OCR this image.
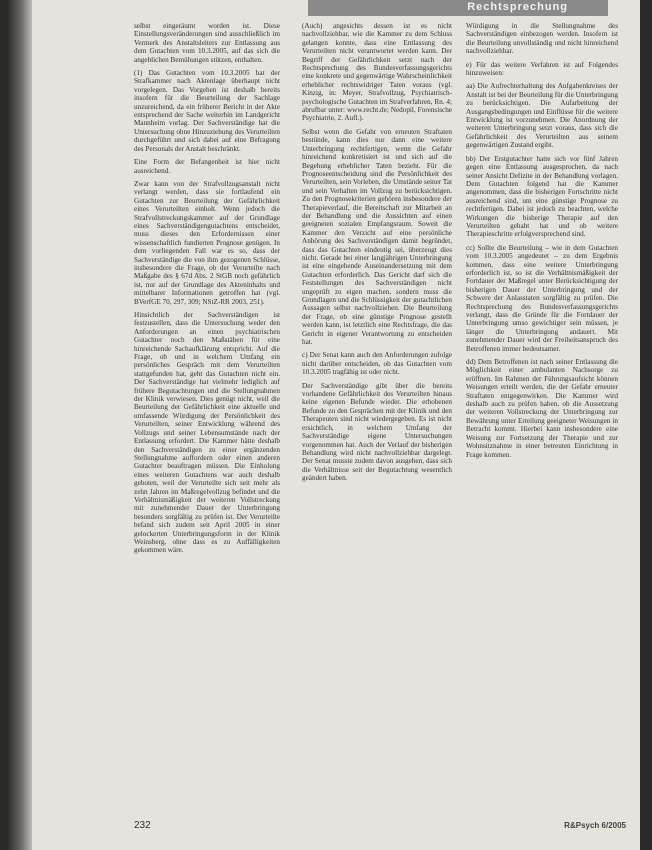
Rechtsprechung

selbst eingeräumt worden ist. Diese Einstellungsveränderungen sind ausschließlich im Vermerk des Anstaltsleiters zur Entlassung aus dem Gutachten vom 10.3.2005, auf das sich die angeblichen Bemühungen stützen, enthalten.

(1) Das Gutachten vom 10.3.2005 hat der Strafkammer nach Aktenlage überhaupt nicht vorgelegen. Das Vorgehen ist deshalb bereits insofern für die Beurteilung der Sachlage unzureichend, da ein früherer Bericht in der Akte entsprechend der Sache weiterhin im Landgericht Mannheim vorlag. Der Sachverständige hat die Untersuchung ohne Hinzuziehung des Verurteilten durchgeführt und sich dabei auf eine Befragung des Personals der Anstalt beschränkt.

Eine Form der Befangenheit ist hier nicht ausreichend.

Zwar kann von der Strafvollzugsanstalt nicht verlangt werden, dass sie fortlaufend ein Gutachten zur Beurteilung der Gefährlichkeit eines Verurteilten einholt. Wenn jedoch die Strafvollstreckungskammer auf der Grundlage eines Sachverständigengutachtens entscheidet, muss dieses den Erfordernissen einer wissenschaftlich fundierten Prognose genügen. In dem vorliegenden Fall war es so, dass der Sachverständige die von ihm gezogenen Schlüsse, insbesondere die Frage, ob der Verurteilte nach Maßgabe des § 67d Abs. 2 StGB noch gefährlich ist, nur auf der Grundlage des Akteninhalts und mittelbarer Informationen getroffen hat (vgl. BVerfGE 70, 297, 309; NStZ-RR 2003, 251).

Hinsichtlich der Sachverständigen ist festzustellen, dass die Untersuchung weder den Anforderungen an einen psychiatrischen Gutachter noch den Maßstäben für eine hinreichende Sachaufklärung entspricht. Auf die Frage, ob und in welchem Umfang ein persönliches Gespräch mit dem Verurteilten stattgefunden hat, geht das Gutachten nicht ein. Der Sachverständige hat vielmehr lediglich auf frühere Begutachtungen und die Stellungnahmen der Klinik verwiesen. Dies genügt nicht, weil die Beurteilung der Gefährlichkeit eine aktuelle und umfassende Würdigung der Persönlichkeit des Verurteilten, seiner Entwicklung während des Vollzugs und seiner Lebensumstände nach der Entlassung erfordert. Die Kammer hätte deshalb den Sachverständigen zu einer ergänzenden Stellungnahme auffordern oder einen anderen Gutachter beauftragen müssen. Die Einholung eines weiteren Gutachtens war auch deshalb geboten, weil der Verurteilte sich seit mehr als zehn Jahren im Maßregelvollzug befindet und die Verhältnismäßigkeit der weiteren Vollstreckung mit zunehmender Dauer der Unterbringung besonders sorgfältig zu prüfen ist. Der Verurteilte befand sich zudem seit April 2005 in einer gelockerten Unterbringungsform in der Klinik Weinsberg, ohne dass es zu Auffälligkeiten gekommen wäre.

(Auch) angesichts dessen ist es nicht nachvollziehbar, wie die Kammer zu dem Schluss gelangen konnte, dass eine Entlassung des Verurteilten nicht verantwortet werden kann. Der Begriff der Gefährlichkeit setzt nach der Rechtsprechung des Bundesverfassungsgerichts eine konkrete und gegenwärtige Wahrscheinlichkeit erheblicher rechtswidriger Taten voraus (vgl. Kinzig, in: Meyer, Strafvollzug, Psychiatrisch-psychologische Gutachten im Strafverfahren, Rn. 4; abrufbar unter: www.recht.de; Nedopil, Forensische Psychiatrie, 2. Aufl.).

Selbst wenn die Gefahr von erneuten Straftaten bestünde, kann dies nur dann eine weitere Unterbringung rechtfertigen, wenn die Gefahr hinreichend konkretisiert ist und sich auf die Begehung erheblicher Taten bezieht. Für die Prognoseentscheidung sind die Persönlichkeit des Verurteilten, sein Vorleben, die Umstände seiner Tat und sein Verhalten im Vollzug zu berücksichtigen. Zu den Prognosekriterien gehören insbesondere der Therapieverlauf, die Bereitschaft zur Mitarbeit an der Behandlung und die Aussichten auf einen geeigneten sozialen Empfangsraum. Soweit die Kammer den Verzicht auf eine persönliche Anhörung des Sachverständigen damit begründet, dass das Gutachten eindeutig sei, überzeugt dies nicht. Gerade bei einer langjährigen Unterbringung ist eine eingehende Auseinandersetzung mit dem Gutachten erforderlich. Das Gericht darf sich die Feststellungen des Sachverständigen nicht ungeprüft zu eigen machen, sondern muss die Grundlagen und die Schlüssigkeit der gutachtlichen Aussagen selbst nachvollziehen. Die Beurteilung der Frage, ob eine günstige Prognose gestellt werden kann, ist letztlich eine Rechtsfrage, die das Gericht in eigener Verantwortung zu entscheiden hat.

c) Der Senat kann auch den Anforderungen zufolge nicht darüber entscheiden, ob das Gutachten vom 10.3.2005 tragfähig ist oder nicht.

Der Sachverständige gibt über die bereits vorhandene Gefährlichkeit des Verurteilten hinaus keine eigenen Befunde wieder. Die erhobenen Befunde zu den Gesprächen mit der Klinik und den Therapeuten sind nicht wiedergegeben. Es ist nicht ersichtlich, in welchem Umfang der Sachverständige eigene Untersuchungen vorgenommen hat. Auch der Verlauf der bisherigen Behandlung wird nicht nachvollziehbar dargelegt. Der Senat musste zudem davon ausgehen, dass sich die Verhältnisse seit der Begutachtung wesentlich geändert haben.

Würdigung in die Stellungnahme des Sachverständigen einbezogen werden. Insofern ist die Beurteilung unvollständig und nicht hinreichend nachvollziehbar.

e) Für das weitere Verfahren ist auf Folgendes hinzuweisen:

aa) Die Aufrechterhaltung des Aufgabenkreises der Anstalt ist bei der Beurteilung für die Unterbringung zu berücksichtigen. Die Aufarbeitung der Ausgangsbedingungen und Einflüsse für die weitere Entwicklung ist vorzunehmen. Die Anordnung der weiteren Unterbringung setzt voraus, dass sich die Gefährlichkeit des Verurteilten aus seinem gegenwärtigen Zustand ergibt.

bb) Der Erstgutachter hatte sich vor fünf Jahren gegen eine Entlassung ausgesprochen, da nach seiner Ansicht Defizite in der Behandlung vorlagen. Dem Gutachten folgend hat die Kammer angenommen, dass die bisherigen Fortschritte nicht ausreichend sind, um eine günstige Prognose zu rechtfertigen. Dabei ist jedoch zu beachten, welche Wirkungen die bisherige Therapie auf den Verurteilten gehabt hat und ob weitere Therapieschritte erfolgversprechend sind.

cc) Sollte die Beurteilung – wie in dem Gutachten vom 10.3.2005 angedeutet – zu dem Ergebnis kommen, dass eine weitere Unterbringung erforderlich ist, so ist die Verhältnismäßigkeit der Fortdauer der Maßregel unter Berücksichtigung der bisherigen Dauer der Unterbringung und der Schwere der Anlasstaten sorgfältig zu prüfen. Die Rechtsprechung des Bundesverfassungsgerichts verlangt, dass die Gründe für die Fortdauer der Unterbringung umso gewichtiger sein müssen, je länger die Unterbringung andauert. Mit zunehmender Dauer wird der Freiheitsanspruch des Betroffenen immer bedeutsamer.

dd) Dem Betroffenen ist nach seiner Entlassung die Möglichkeit einer ambulanten Nachsorge zu eröffnen. Im Rahmen der Führungsaufsicht können Weisungen erteilt werden, die der Gefahr erneuter Straftaten entgegenwirken. Die Kammer wird deshalb auch zu prüfen haben, ob die Aussetzung der weiteren Vollstreckung der Unterbringung zur Bewährung unter Erteilung geeigneter Weisungen in Betracht kommt. Hierbei kann insbesondere eine Weisung zur Fortsetzung der Therapie und zur Wohnsitznahme in einer betreuten Einrichtung in Frage kommen.

232	R&Psych 6/2005
